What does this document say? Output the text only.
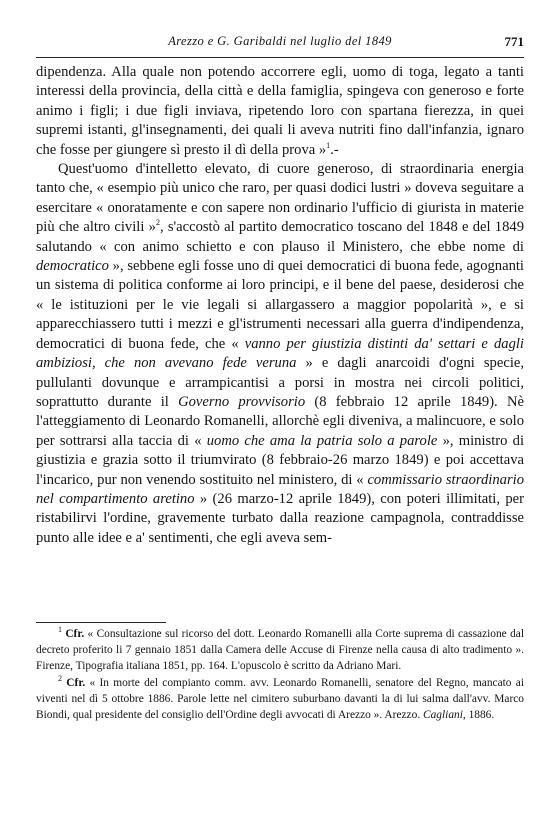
Arezzo e G. Garibaldi nel luglio del 1849	771

dipendenza. Alla quale non potendo accorrere egli, uomo di toga, legato a tanti interessi della provincia, della città e della famiglia, spingeva con generoso e forte animo i figli; i due figli inviava, ripetendo loro con spartana fierezza, in quei supremi istanti, gl'insegnamenti, dei quali li aveva nutriti fino dall'infanzia, ignaro che fosse per giungere sì presto il dì della prova »$^1$.-

Quest'uomo d'intelletto elevato, di cuore generoso, di straordinaria energia tanto che, « esempio più unico che raro, per quasi dodici lustri » doveva seguitare a esercitare « onoratamente e con sapere non ordinario l'ufficio di giurista in materie più che altro civili »$^2$, s'accostò al partito democratico toscano del 1848 e del 1849 salutando « con animo schietto e con plauso il Ministero, che ebbe nome di democratico », sebbene egli fosse uno di quei democratici di buona fede, agognanti un sistema di politica conforme ai loro principi, e il bene del paese, desiderosi che « le istituzioni per le vie legali si allargassero a maggior popolarità », e si apparecchiassero tutti i mezzi e gl'istrumenti necessari alla guerra d'indipendenza, democratici di buona fede, che « vanno per giustizia distinti da' settari e dagli ambiziosi, che non avevano fede veruna » e dagli anarcoidi d'ogni specie, pullulanti dovunque e arrampicantisi a porsi in mostra nei circoli politici, soprattutto durante il Governo provvisorio (8 febbraio 12 aprile 1849). Nè l'atteggiamento di Leonardo Romanelli, allorchè egli diveniva, a malincuore, e solo per sottrarsi alla taccia di « uomo che ama la patria solo a parole », ministro di giustizia e grazia sotto il triumvirato (8 febbraio-26 marzo 1849) e poi accettava l'incarico, pur non venendo sostituito nel ministero, di « commissario straordinario nel compartimento aretino » (26 marzo-12 aprile 1849), con poteri illimitati, per ristabilirvi l'ordine, gravemente turbato dalla reazione campagnola, contraddisse punto alle idee e a' sentimenti, che egli aveva sem-

$^1$ Cfr. « Consultazione sul ricorso del dott. Leonardo Romanelli alla Corte suprema di cassazione dal decreto proferito li 7 gennaio 1851 dalla Camera delle Accuse di Firenze nella causa di alto tradimento ». Firenze, Tipografia italiana 1851, pp. 164. L'opuscolo è scritto da Adriano Mari.

$^2$ Cfr. « In morte del compianto comm. avv. Leonardo Romanelli, senatore del Regno, mancato ai viventi nel dì 5 ottobre 1886. Parole lette nel cimitero suburbano davanti la di lui salma dall'avv. Marco Biondi, qual presidente del consiglio dell'Ordine degli avvocati di Arezzo ». Arezzo. Cagliani, 1886.
